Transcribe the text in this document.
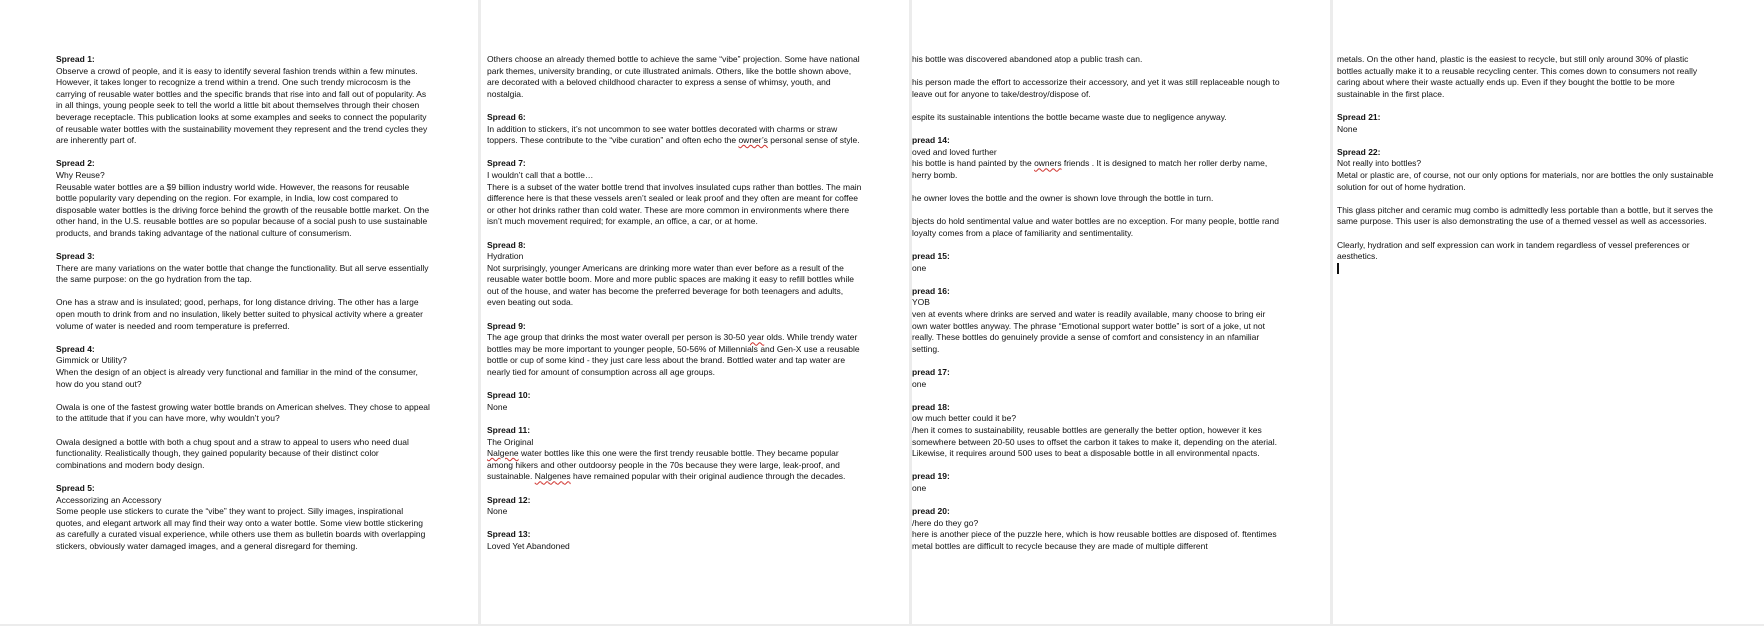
Spread 1:
Observe a crowd of people, and it is easy to identify several fashion trends within a few minutes. However, it takes longer to recognize a trend within a trend. One such trendy microcosm is the carrying of reusable water bottles and the specific brands that rise into and fall out of popularity. As in all things, young people seek to tell the world a little bit about themselves through their chosen beverage receptacle. This publication looks at some examples and seeks to connect the popularity of reusable water bottles with the sustainability movement they represent and the trend cycles they are inherently part of.
Spread 2:
Why Reuse?
Reusable water bottles are a $9 billion industry world wide. However, the reasons for reusable bottle popularity vary depending on the region. For example, in India, low cost compared to disposable water bottles is the driving force behind the growth of the reusable bottle market. On the other hand, in the U.S. reusable bottles are so popular because of a social push to use sustainable products, and brands taking advantage of the national culture of consumerism.
Spread 3:
There are many variations on the water bottle that change the functionality. But all serve essentially the same purpose: on the go hydration from the tap.
One has a straw and is insulated; good, perhaps, for long distance driving. The other has a large open mouth to drink from and no insulation, likely better suited to physical activity where a greater volume of water is needed and room temperature is preferred.
Spread 4:
Gimmick or Utility?
When the design of an object is already very functional and familiar in the mind of the consumer, how do you stand out?
Owala is one of the fastest growing water bottle brands on American shelves. They chose to appeal to the attitude that if you can have more, why wouldn’t you?
Owala designed a bottle with both a chug spout and a straw to appeal to users who need dual functionality. Realistically though, they gained popularity because of their distinct color combinations and modern body design.
Spread 5:
Accessorizing an Accessory
Some people use stickers to curate the “vibe” they want to project. Silly images, inspirational quotes, and elegant artwork all may find their way onto a water bottle. Some view bottle stickering as carefully a curated visual experience, while others use them as bulletin boards with overlapping stickers, obviously water damaged images, and a general disregard for theming.
Others choose an already themed bottle to achieve the same “vibe” projection. Some have national park themes, university branding, or cute illustrated animals. Others, like the bottle shown above, are decorated with a beloved childhood character to express a sense of whimsy, youth, and nostalgia.
Spread 6:
In addition to stickers, it’s not uncommon to see water bottles decorated with charms or straw toppers. These contribute to the “vibe curation” and often echo the owner’s personal sense of style.
Spread 7:
I wouldn’t call that a bottle…
There is a subset of the water bottle trend that involves insulated cups rather than bottles. The main difference here is that these vessels aren’t sealed or leak proof and they often are meant for coffee or other hot drinks rather than cold water. These are more common in environments where there isn’t much movement required; for example, an office, a car, or at home.
Spread 8:
Hydration
Not surprisingly, younger Americans are drinking more water than ever before as a result of the reusable water bottle boom. More and more public spaces are making it easy to refill bottles while out of the house, and water has become the preferred beverage for both teenagers and adults, even beating out soda.
Spread 9:
The age group that drinks the most water overall per person is 30-50 year olds. While trendy water bottles may be more important to younger people, 50-56% of Millennials and Gen-X use a reusable bottle or cup of some kind - they just care less about the brand. Bottled water and tap water are nearly tied for amount of consumption across all age groups.
Spread 10:
None
Spread 11:
The Original
Nalgene water bottles like this one were the first trendy reusable bottle. They became popular among hikers and other outdoorsy people in the 70s because they were large, leak-proof, and sustainable. Nalgenes have remained popular with their original audience through the decades.
Spread 12:
None
Spread 13:
Loved Yet Abandoned
his bottle was discovered abandoned atop a public trash can.
his person made the effort to accessorize their accessory, and yet it was still replaceable nough to leave out for anyone to take/destroy/dispose of.
espite its sustainable intentions the bottle became waste due to negligence anyway.
pread 14:
oved and loved further
his bottle is hand painted by the owners friends . It is designed to match her roller derby name, herry bomb.
he owner loves the bottle and the owner is shown love through the bottle in turn.
bjects do hold sentimental value and water bottles are no exception. For many people, bottle rand loyalty comes from a place of familiarity and sentimentality.
pread 15:
one
pread 16:
YOB
ven at events where drinks are served and water is readily available, many choose to bring eir own water bottles anyway. The phrase “Emotional support water bottle” is sort of a joke, ut not really. These bottles do genuinely provide a sense of comfort and consistency in an nfamiliar setting.
pread 17:
one
pread 18:
ow much better could it be?
/hen it comes to sustainability, reusable bottles are generally the better option, however it kes somewhere between 20-50 uses to offset the carbon it takes to make it, depending on the aterial. Likewise, it requires around 500 uses to beat a disposable bottle in all environmental npacts.
pread 19:
one
pread 20:
/here do they go?
here is another piece of the puzzle here, which is how reusable bottles are disposed of. ftentimes metal bottles are difficult to recycle because they are made of multiple different
metals. On the other hand, plastic is the easiest to recycle, but still only around 30% of plastic bottles actually make it to a reusable recycling center. This comes down to consumers not really caring about where their waste actually ends up. Even if they bought the bottle to be more sustainable in the first place.
Spread 21:
None
Spread 22:
Not really into bottles?
Metal or plastic are, of course, not our only options for materials, nor are bottles the only sustainable solution for out of home hydration.
This glass pitcher and ceramic mug combo is admittedly less portable than a bottle, but it serves the same purpose. This user is also demonstrating the use of a themed vessel as well as accessories.
Clearly, hydration and self expression can work in tandem regardless of vessel preferences or aesthetics.
